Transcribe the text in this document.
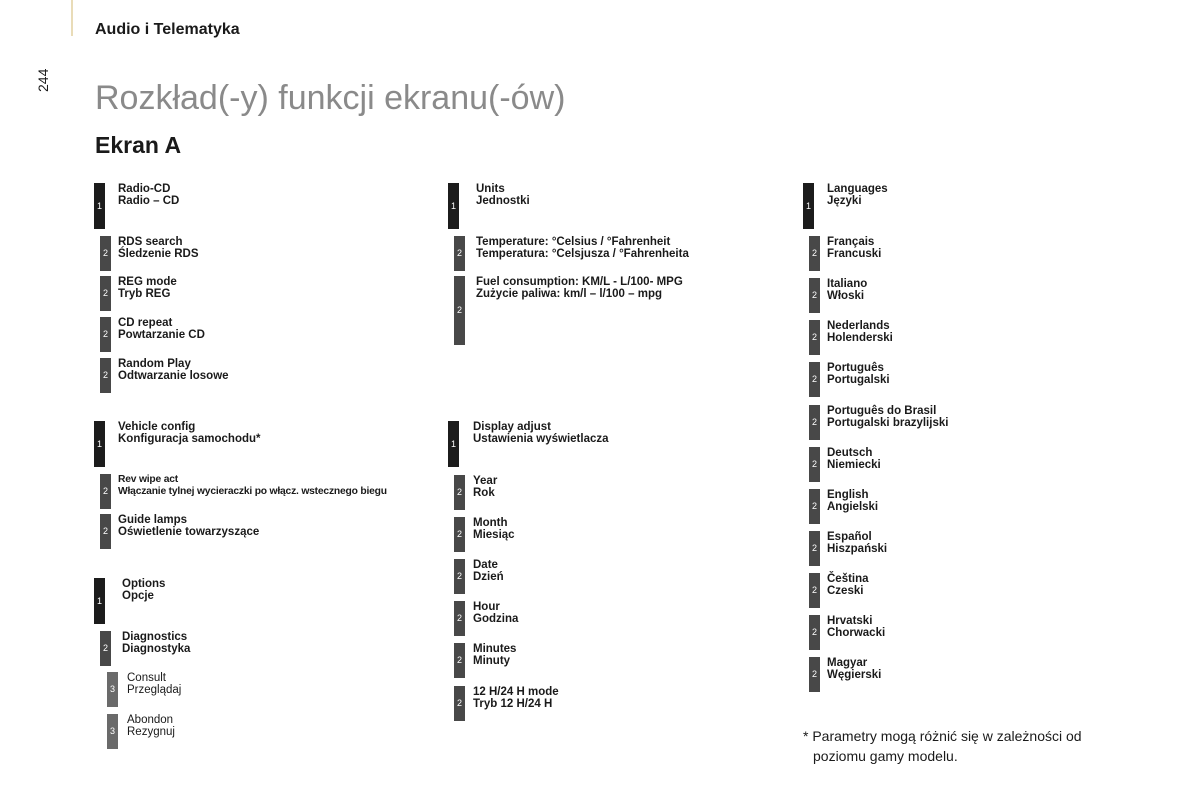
Audio i Telematyka
244 Rozkład(-y) funkcji ekranu(-ów)
Ekran A
1
Radio-CD
Radio – CD
2
RDS search
Śledzenie RDS
2
REG mode
Tryb REG
2
CD repeat
Powtarzanie CD
2
Random Play
Odtwarzanie losowe
1
Vehicle config
Konfiguracja samochodu*
2
Rev wipe act
Włączanie tylnej wycieraczki po włącz. wstecznego biegu
2
Guide lamps
Oświetlenie towarzyszące
1
Options
Opcje
2
Diagnostics
Diagnostyka
3
Consult
Przeglądaj
3
Abondon
Rezygnuj
1
Units
Jednostki
2
Temperature: °Celsius / °Fahrenheit
Temperatura: °Celsjusza / °Fahrenheita
2
Fuel consumption: KM/L - L/100- MPG
Zużycie paliwa: km/l – l/100 – mpg
1
Display adjust
Ustawienia wyświetlacza
2
Year
Rok
2
Month
Miesiąc
2
Date
Dzień
2
Hour
Godzina
2
Minutes
Minuty
2
12 H/24 H mode
Tryb 12 H/24 H
1
Languages
Języki
2
Français
Francuski
2
Italiano
Włoski
2
Nederlands
Holenderski
2
Português
Portugalski
2
Português do Brasil
Portugalski brazylijski
2
Deutsch
Niemiecki
2
English
Angielski
2
Español
Hiszpański
2
Čeština
Czeski
2
Hrvatski
Chorwacki
2
Magyar
Węgierski
* Parametry mogą różnić się w zależności od
poziomu gamy modelu.
